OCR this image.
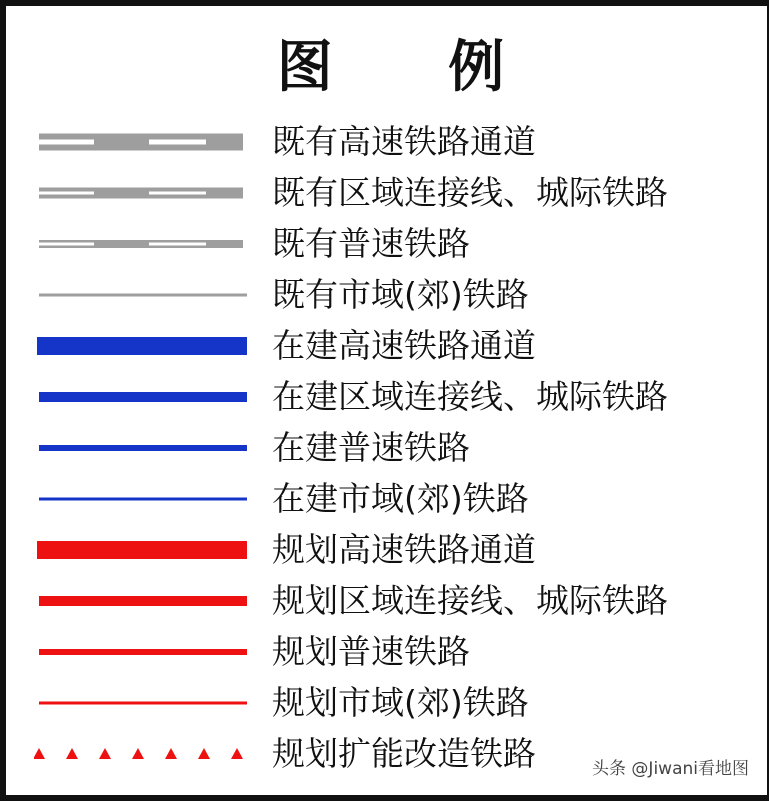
图 例
既有高速铁路通道
既有区域连接线、城际铁路
既有普速铁路
既有市域(郊)铁路
在建高速铁路通道
在建区域连接线、城际铁路
在建普速铁路
在建市域(郊)铁路
规划高速铁路通道
规划区域连接线、城际铁路
规划普速铁路
规划市域(郊)铁路
规划扩能改造铁路	头条 @Jiwani看地图
